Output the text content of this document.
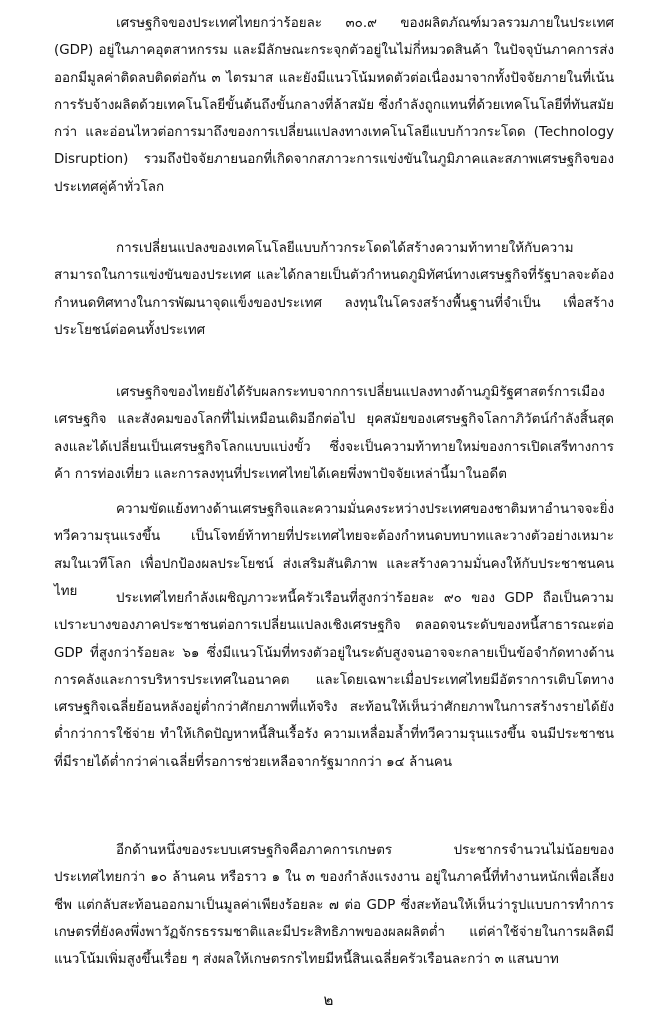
เศรษฐกิจของประเทศไทยกว่าร้อยละ ๓๐.๙ ของผลิตภัณฑ์มวลรวมภายในประเทศ (GDP) อยู่ในภาคอุตสาหกรรม และมีลักษณะกระจุกตัวอยู่ในไม่กี่หมวดสินค้า ในปัจจุบันภาคการส่งออกมีมูลค่าติดลบติดต่อกัน ๓ ไตรมาส และยังมีแนวโน้มหดตัวต่อเนื่องมาจากทั้งปัจจัยภายในที่เน้นการรับจ้างผลิตด้วยเทคโนโลยีขั้นต้นถึงขั้นกลางที่ล้าสมัย ซึ่งกำลังถูกแทนที่ด้วยเทคโนโลยีที่ทันสมัยกว่า และอ่อนไหวต่อการมาถึงของการเปลี่ยนแปลงทางเทคโนโลยีแบบก้าวกระโดด (Technology Disruption) รวมถึงปัจจัยภายนอกที่เกิดจากสภาวะการแข่งขันในภูมิภาคและสภาพเศรษฐกิจของประเทศคู่ค้าทั่วโลก

การเปลี่ยนแปลงของเทคโนโลยีแบบก้าวกระโดดได้สร้างความท้าทายให้กับความสามารถในการแข่งขันของประเทศ และได้กลายเป็นตัวกำหนดภูมิทัศน์ทางเศรษฐกิจที่รัฐบาลจะต้องกำหนดทิศทางในการพัฒนาจุดแข็งของประเทศ ลงทุนในโครงสร้างพื้นฐานที่จำเป็น เพื่อสร้างประโยชน์ต่อคนทั้งประเทศ

เศรษฐกิจของไทยยังได้รับผลกระทบจากการเปลี่ยนแปลงทางด้านภูมิรัฐศาสตร์การเมือง เศรษฐกิจ และสังคมของโลกที่ไม่เหมือนเดิมอีกต่อไป ยุคสมัยของเศรษฐกิจโลกาภิวัตน์กำลังสิ้นสุดลงและได้เปลี่ยนเป็นเศรษฐกิจโลกแบบแบ่งขั้ว ซึ่งจะเป็นความท้าทายใหม่ของการเปิดเสรีทางการค้า การท่องเที่ยว และการลงทุนที่ประเทศไทยได้เคยพึ่งพาปัจจัยเหล่านี้มาในอดีต

ความขัดแย้งทางด้านเศรษฐกิจและความมั่นคงระหว่างประเทศของชาติมหาอำนาจจะยิ่งทวีความรุนแรงขึ้น เป็นโจทย์ท้าทายที่ประเทศไทยจะต้องกำหนดบทบาทและวางตัวอย่างเหมาะสมในเวทีโลก เพื่อปกป้องผลประโยชน์ ส่งเสริมสันติภาพ และสร้างความมั่นคงให้กับประชาชนคนไทย	ประเทศไทยกำลังเผชิญภาวะหนี้ครัวเรือนที่สูงกว่าร้อยละ ๙๐ ของ GDP ถือเป็นความเปราะบางของภาคประชาชนต่อการเปลี่ยนแปลงเชิงเศรษฐกิจ ตลอดจนระดับของหนี้สาธารณะต่อ GDP ที่สูงกว่าร้อยละ ๖๑ ซึ่งมีแนวโน้มที่ทรงตัวอยู่ในระดับสูงจนอาจจะกลายเป็นข้อจำกัดทางด้านการคลังและการบริหารประเทศในอนาคต และโดยเฉพาะเมื่อประเทศไทยมีอัตราการเติบโตทางเศรษฐกิจเฉลี่ยย้อนหลังอยู่ต่ำกว่าศักยภาพที่แท้จริง สะท้อนให้เห็นว่าศักยภาพในการสร้างรายได้ยังต่ำกว่าการใช้จ่าย ทำให้เกิดปัญหาหนี้สินเรื้อรัง ความเหลื่อมล้ำที่ทวีความรุนแรงขึ้น จนมีประชาชนที่มีรายได้ต่ำกว่าค่าเฉลี่ยที่รอการช่วยเหลือจากรัฐมากกว่า ๑๔ ล้านคน

อีกด้านหนึ่งของระบบเศรษฐกิจคือภาคการเกษตร ประชากรจำนวนไม่น้อยของประเทศไทยกว่า ๑๐ ล้านคน หรือราว ๑ ใน ๓ ของกำลังแรงงาน อยู่ในภาคนี้ที่ทำงานหนักเพื่อเลี้ยงชีพ แต่กลับสะท้อนออกมาเป็นมูลค่าเพียงร้อยละ ๗ ต่อ GDP ซึ่งสะท้อนให้เห็นว่ารูปแบบการทำการเกษตรที่ยังคงพึ่งพาวัฏจักรธรรมชาติและมีประสิทธิภาพของผลผลิตต่ำ แต่ค่าใช้จ่ายในการผลิตมีแนวโน้มเพิ่มสูงขึ้นเรื่อย ๆ ส่งผลให้เกษตรกรไทยมีหนี้สินเฉลี่ยครัวเรือนละกว่า ๓ แสนบาท

๒
